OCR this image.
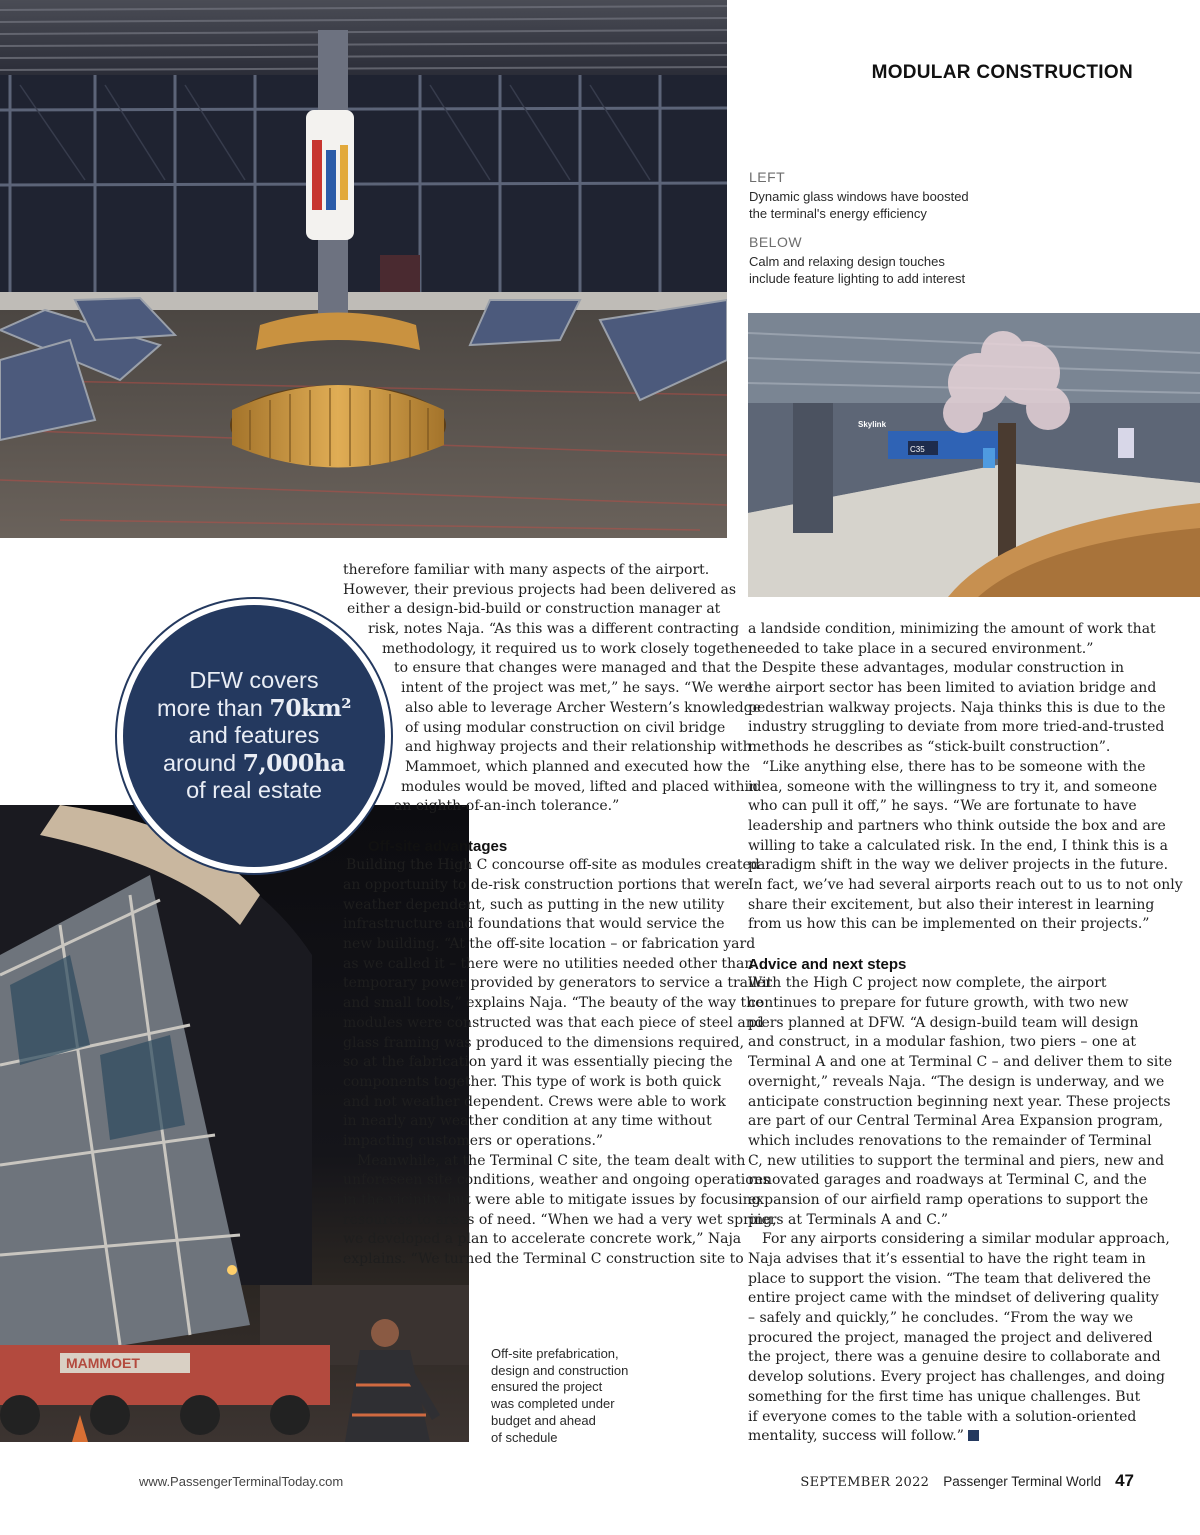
Skylink
C35
MAMMOET
MODULAR CONSTRUCTION
LEFT
Dynamic glass windows have boosted
the terminal's energy efficiency
BELOW
Calm and relaxing design touches
include feature lighting to add interest
Off-site prefabrication,
design and construction
ensured the project
was completed under
budget and ahead
of schedule
DFW covers
more than 70km²
and features
around 7,000ha
of real estate
therefore familiar with many aspects of the airport.
However, their previous projects had been delivered as
either a design-bid-build or construction manager at
risk, notes Naja. “As this was a different contracting
methodology, it required us to work closely together
to ensure that changes were managed and that the
intent of the project was met,” he says. “We were
also able to leverage Archer Western’s knowledge
of using modular construction on civil bridge
and highway projects and their relationship with
Mammoet, which planned and executed how the
modules would be moved, lifted and placed within
an eighth-of-an-inch tolerance.”
Off-site advantages
Building the High C concourse off-site as modules created
an opportunity to de-risk construction portions that were
weather dependent, such as putting in the new utility
infrastructure and foundations that would service the
new building. “At the off-site location – or fabrication yard
as we called it – there were no utilities needed other than
temporary power provided by generators to service a trailer
and small tools,” explains Naja. “The beauty of the way the
modules were constructed was that each piece of steel and
glass framing was produced to the dimensions required,
so at the fabrication yard it was essentially piecing the
components together. This type of work is both quick
and not weather dependent. Crews were able to work
in nearly any weather condition at any time without
impacting customers or operations.”
 Meanwhile, at the Terminal C site, the team dealt with
unforeseen site conditions, weather and ongoing operations
in the vicinity, but were able to mitigate issues by focusing
resources to areas of need. “When we had a very wet spring,
we developed a plan to accelerate concrete work,” Naja
explains. “We turned the Terminal C construction site to
a landside condition, minimizing the amount of work that
needed to take place in a secured environment.”
 Despite these advantages, modular construction in
the airport sector has been limited to aviation bridge and
pedestrian walkway projects. Naja thinks this is due to the
industry struggling to deviate from more tried-and-trusted
methods he describes as “stick-built construction”.
 “Like anything else, there has to be someone with the
idea, someone with the willingness to try it, and someone
who can pull it off,” he says. “We are fortunate to have
leadership and partners who think outside the box and are
willing to take a calculated risk. In the end, I think this is a
paradigm shift in the way we deliver projects in the future.
In fact, we’ve had several airports reach out to us to not only
share their excitement, but also their interest in learning
from us how this can be implemented on their projects.”
Advice and next steps
With the High C project now complete, the airport
continues to prepare for future growth, with two new
piers planned at DFW. “A design-build team will design
and construct, in a modular fashion, two piers – one at
Terminal A and one at Terminal C – and deliver them to site
overnight,” reveals Naja. “The design is underway, and we
anticipate construction beginning next year. These projects
are part of our Central Terminal Area Expansion program,
which includes renovations to the remainder of Terminal
C, new utilities to support the terminal and piers, new and
renovated garages and roadways at Terminal C, and the
expansion of our airfield ramp operations to support the
piers at Terminals A and C.”
 For any airports considering a similar modular approach,
Naja advises that it’s essential to have the right team in
place to support the vision. “The team that delivered the
entire project came with the mindset of delivering quality
– safely and quickly,” he concludes. “From the way we
procured the project, managed the project and delivered
the project, there was a genuine desire to collaborate and
develop solutions. Every project has challenges, and doing
something for the first time has unique challenges. But
if everyone comes to the table with a solution-oriented
mentality, success will follow.”
www.PassengerTerminalToday.com	SEPTEMBER 2022 Passenger Terminal World 47
